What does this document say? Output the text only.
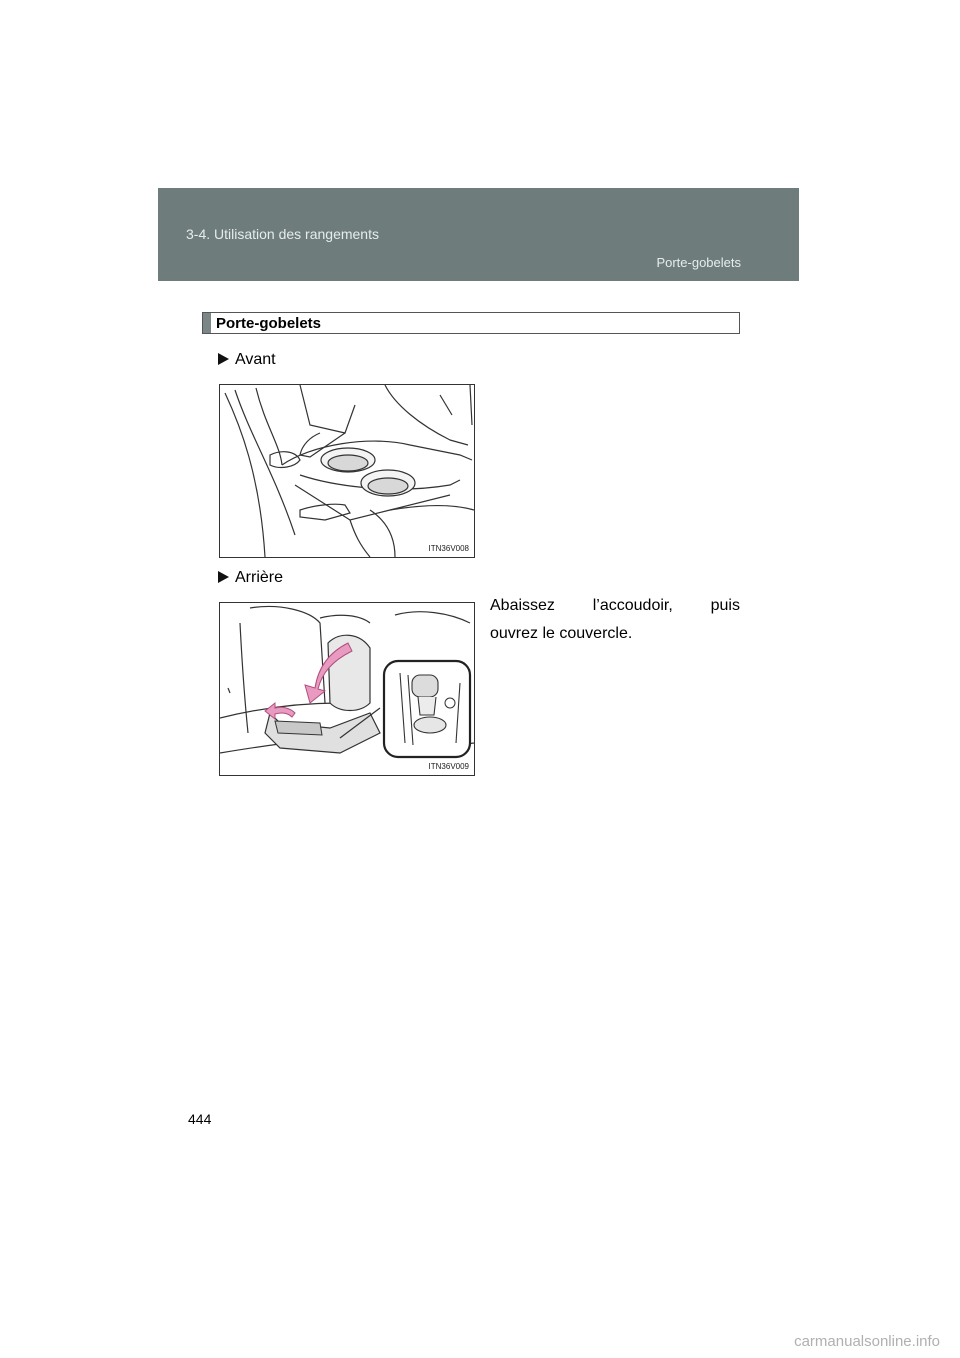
3-4. Utilisation des rangements
Porte-gobelets
Porte-gobelets
Avant
ITN36V008
Arrière
ITN36V009
Abaissez l’accoudoir, puis
ouvrez le couvercle.
444
carmanualsonline.info
